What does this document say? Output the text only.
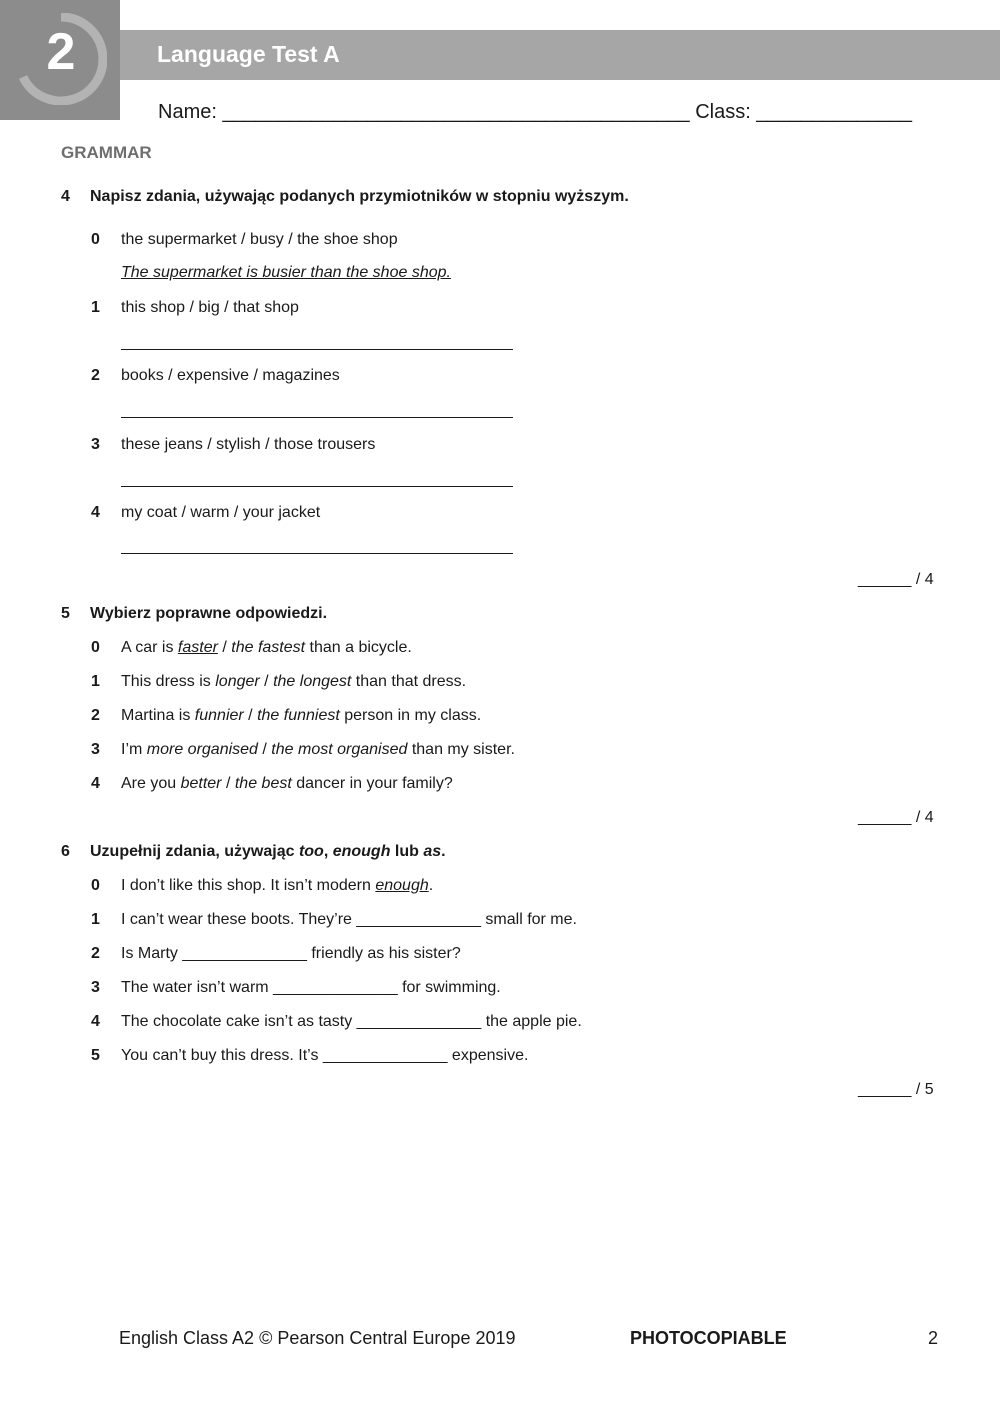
2	Language Test A
Name: __________________________________________ Class: ______________
GRAMMAR
4 Napisz zdania, używając podanych przymiotników w stopniu wyższym.
0 the supermarket / busy / the shoe shop
The supermarket is busier than the shoe shop.
1 this shop / big / that shop
2 books / expensive / magazines
3 these jeans / stylish / those trousers
4 my coat / warm / your jacket
______ / 4
5 Wybierz poprawne odpowiedzi.
0 A car is faster / the fastest than a bicycle.
1 This dress is longer / the longest than that dress.
2 Martina is funnier / the funniest person in my class.
3 I’m more organised / the most organised than my sister.
4 Are you better / the best dancer in your family?
______ / 4
6 Uzupełnij zdania, używając too, enough lub as.
0 I don’t like this shop. It isn’t modern enough.
1 I can’t wear these boots. They’re ______________ small for me.
2 Is Marty ______________ friendly as his sister?
3 The water isn’t warm ______________ for swimming.
4 The chocolate cake isn’t as tasty ______________ the apple pie.
5 You can’t buy this dress. It’s ______________ expensive.
______ / 5
English Class A2 © Pearson Central Europe 2019	PHOTOCOPIABLE	2
